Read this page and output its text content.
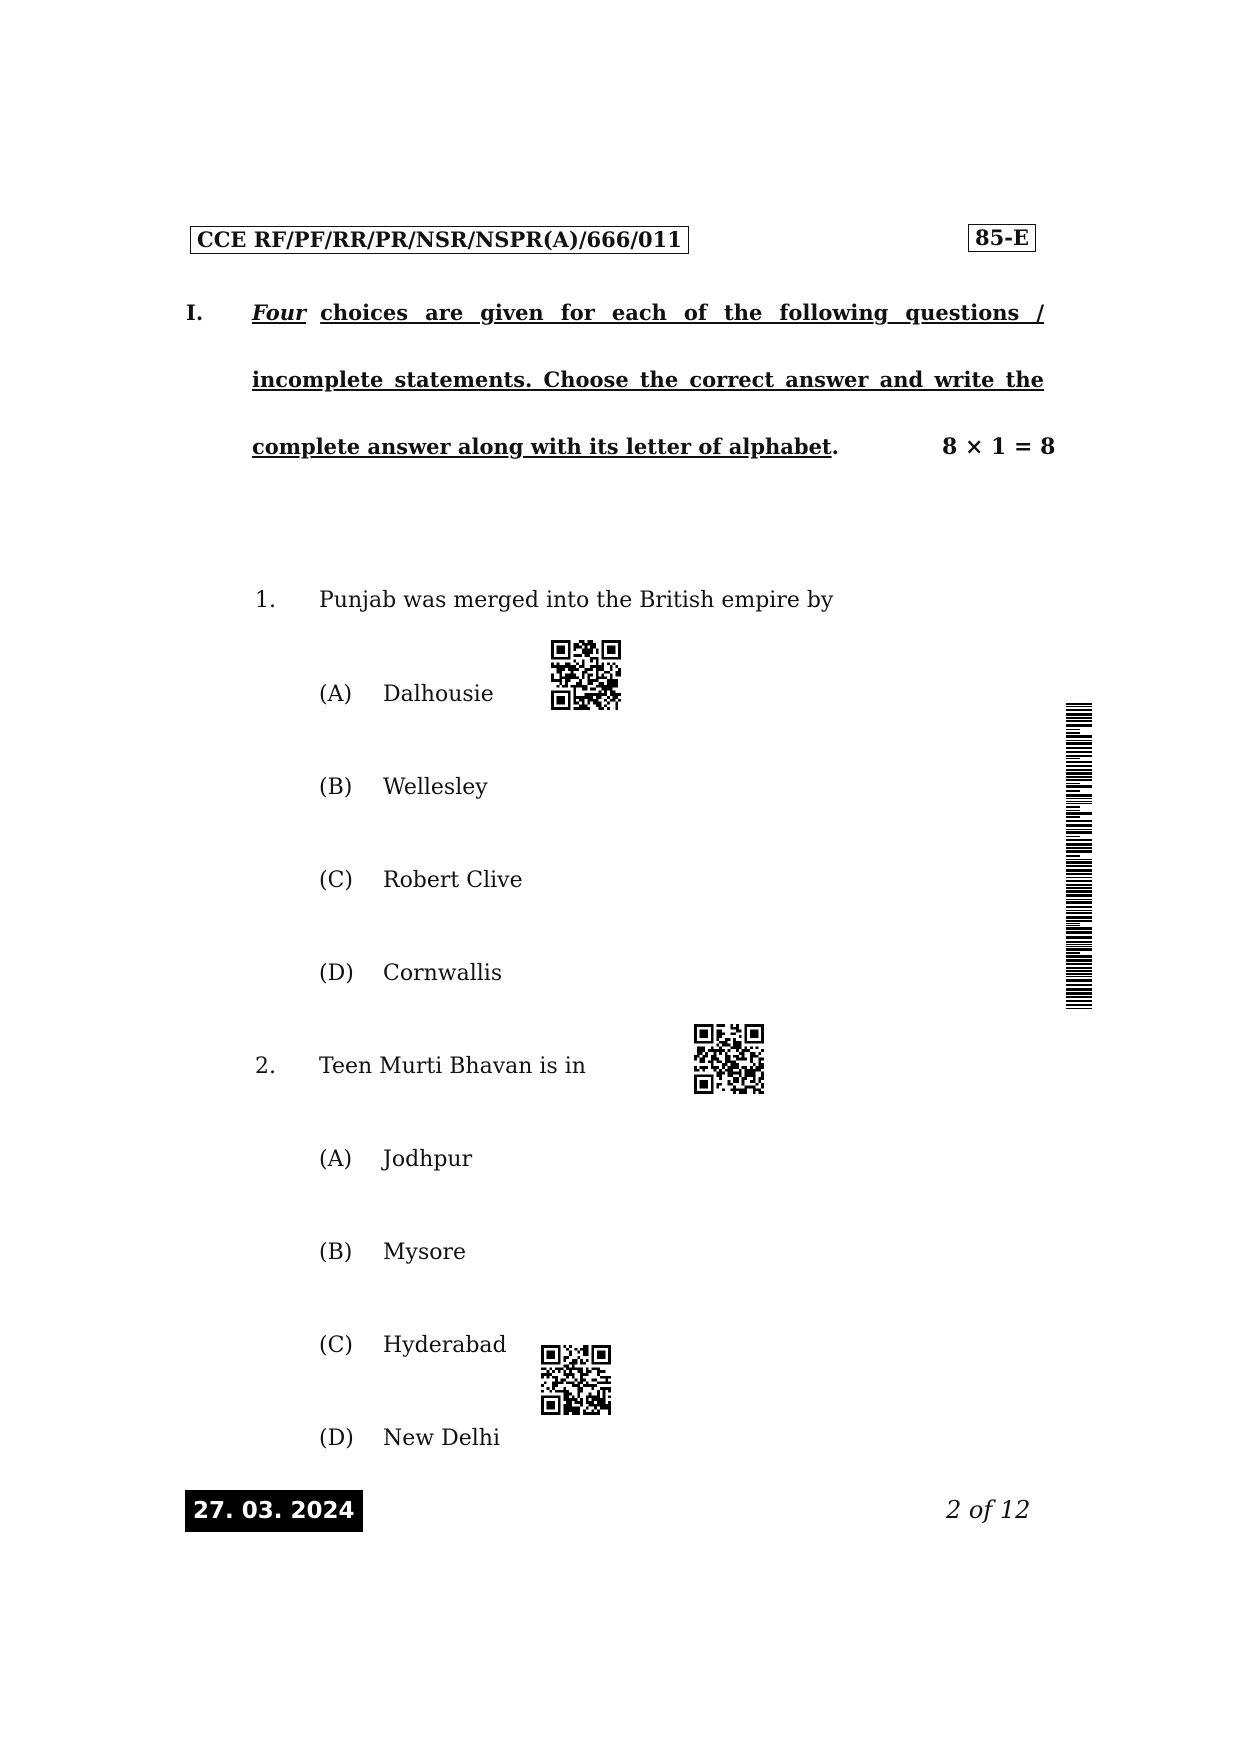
CCE RF/PF/RR/PR/NSR/NSPR(A)/666/011	85-E
I. Four choices are given for each of the following questions /
incomplete statements. Choose the correct answer and write the
complete answer along with its letter of alphabet.	8 × 1 = 8
1. Punjab was merged into the British empire by
(A) Dalhousie
(B) Wellesley
(C) Robert Clive
(D) Cornwallis
2. Teen Murti Bhavan is in
(A) Jodhpur
(B) Mysore
(C) Hyderabad
(D) New Delhi
27. 03. 2024	2 of 12
